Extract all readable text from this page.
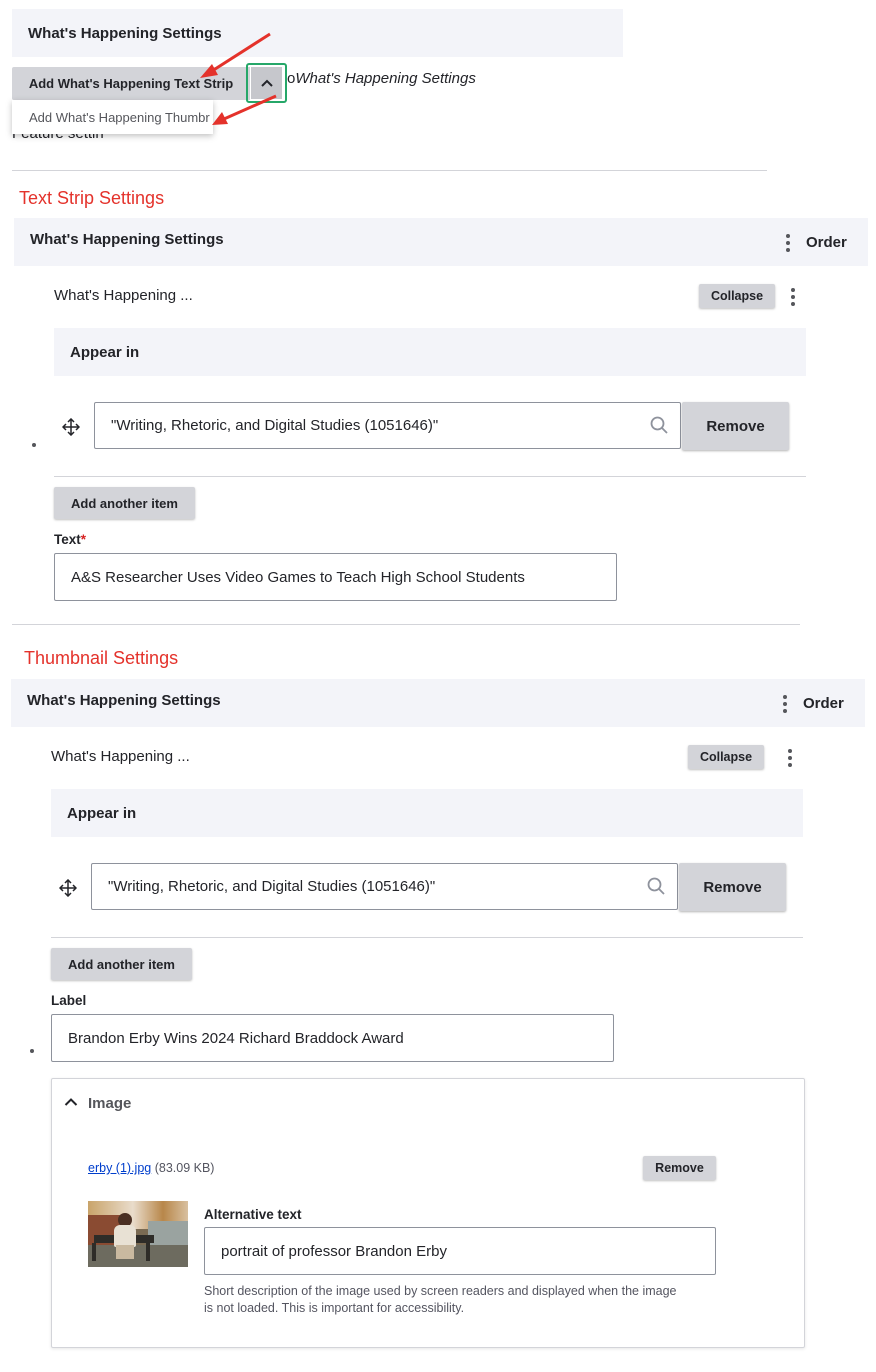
What's Happening Settings
Add What's Happening Text Strip	oWhat's Happening Settings
Add What's Happening Thumbr
Text Strip Settings
What's Happening Settings	Order
What's Happening ...	Collapse
Appear in
"Writing, Rhetoric, and Digital Studies (1051646)"	Remove
Add another item
Text*
A&S Researcher Uses Video Games to Teach High School Students
Thumbnail Settings
What's Happening Settings	Order
What's Happening ...	Collapse
Appear in
"Writing, Rhetoric, and Digital Studies (1051646)"	Remove
Add another item
Label
Brandon Erby Wins 2024 Richard Braddock Award
Image
erby (1).jpg (83.09 KB)	Remove
Alternative text
portrait of professor Brandon Erby
Short description of the image used by screen readers and displayed when the image
is not loaded. This is important for accessibility.
